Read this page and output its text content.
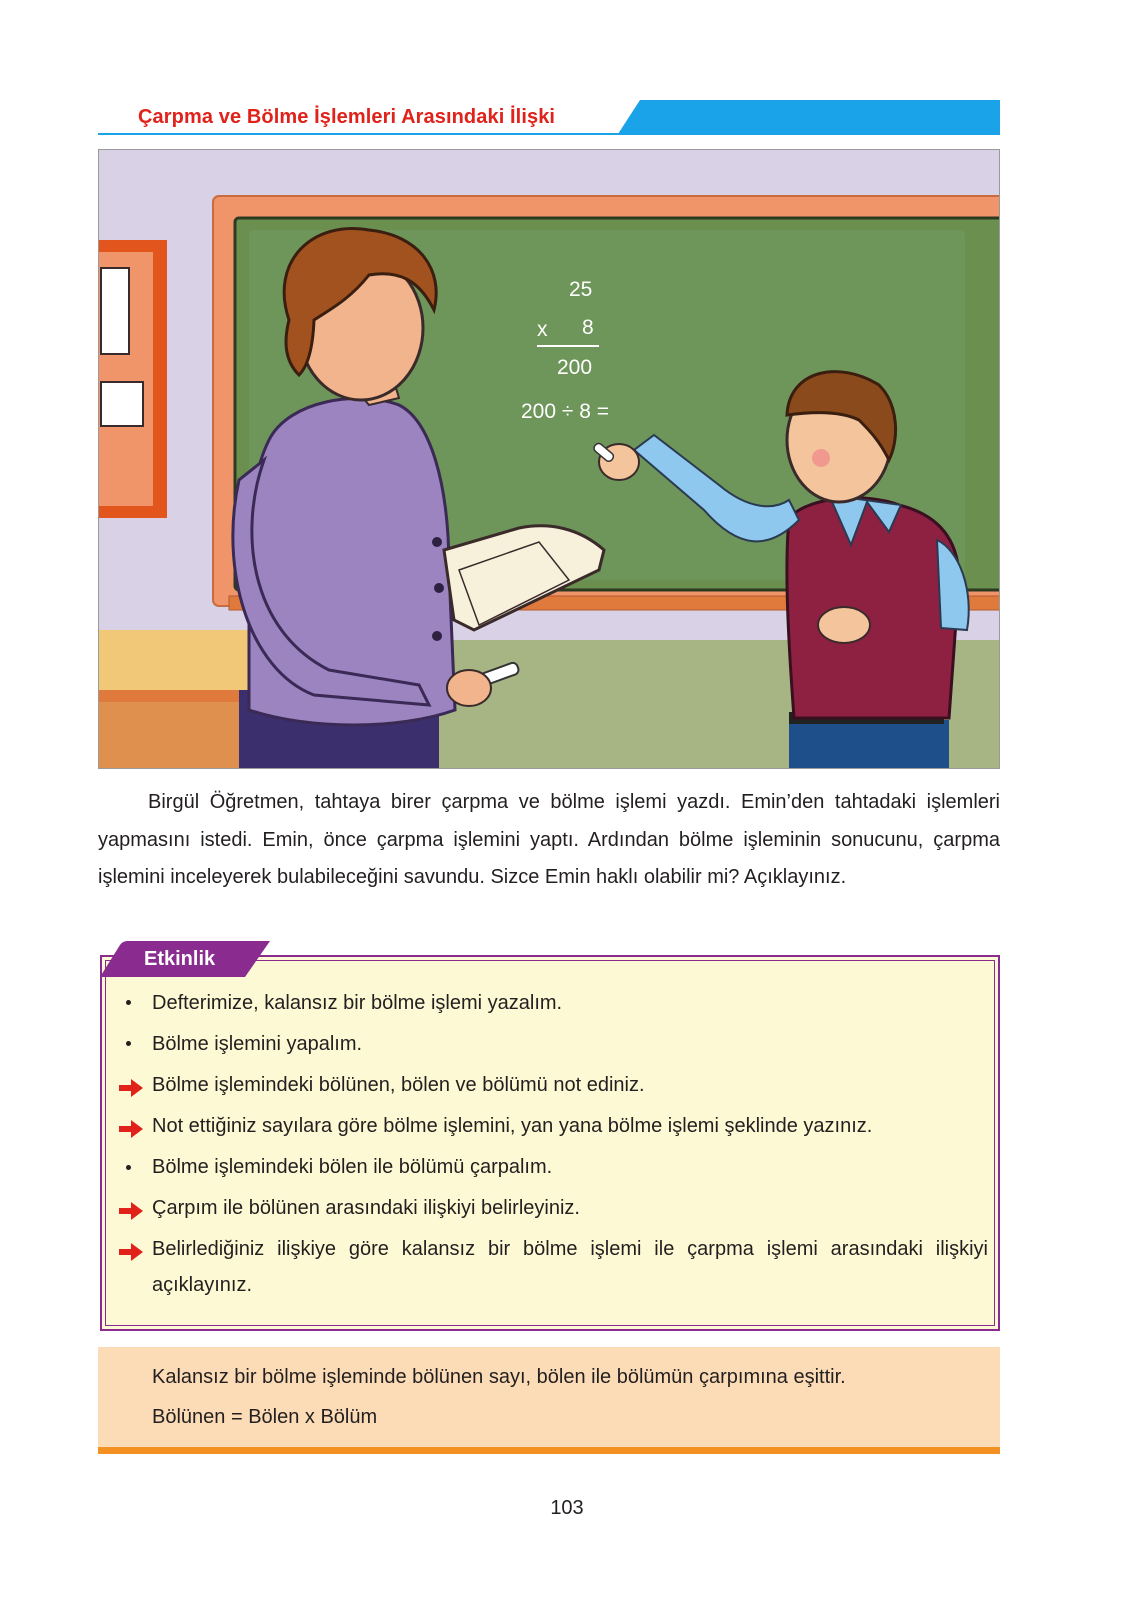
Çarpma ve Bölme İşlemleri Arasındaki İlişki
25
x 8
200
200 ÷ 8 =

Birgül Öğretmen, tahtaya birer çarpma ve bölme işlemi yazdı. Emin’den tahtadaki işlemleri yapmasını istedi. Emin, önce çarpma işlemini yaptı. Ardından bölme işleminin sonucunu, çarpma işlemini inceleyerek bulabileceğini savundu. Sizce Emin haklı olabilir mi? Açıklayınız.

Etkinlik
Defterimize, kalansız bir bölme işlemi yazalım.
Bölme işlemini yapalım.
Bölme işlemindeki bölünen, bölen ve bölümü not ediniz.
Not ettiğiniz sayılara göre bölme işlemini, yan yana bölme işlemi şeklinde yazınız.
Bölme işlemindeki bölen ile bölümü çarpalım.
Çarpım ile bölünen arasındaki ilişkiyi belirleyiniz.
Belirlediğiniz ilişkiye göre kalansız bir bölme işlemi ile çarpma işlemi arasındaki ilişkiyi açıklayınız.
Kalansız bir bölme işleminde bölünen sayı, bölen ile bölümün çarpımına eşittir.
Bölünen = Bölen x Bölüm
103
